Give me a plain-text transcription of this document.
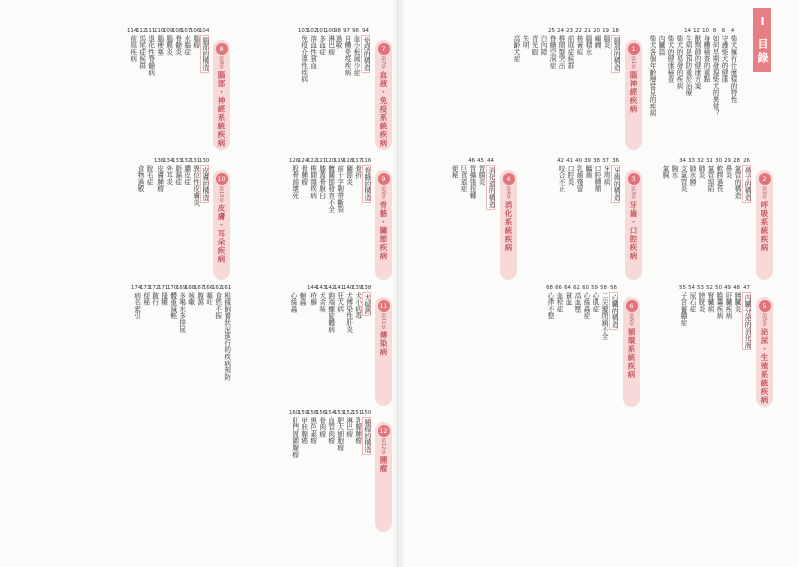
Ⅰ 目錄
4
柴犬擁有什麼樣的特性
6
守護柴犬的健康
8
如何早期發現柴犬的異常？
10
身體檢查的重點
12
獸醫師的健康方案
14
生病是預防重於治療
柴犬的易發的疾病
柴犬的健康檢查
內臟篇
柴犬各個年齡層常見的疾病
1
第1章
腦神經疾病
18
腦部的構造
19
腦炎
20
癲癇
21
腦積水
22
核黃疸
23
前庭症候群
24
椎間盤突出
25
脊髓空洞症
白內障
青光眼
失明
高齡犬症
2
第2章
呼吸系統疾病
26
鼻子的構造
28
氣管的構造
29
鼻炎
30
軟腭過長
31
氣管塌陷
32
肺炎
33
肺水腫
34
支氣管炎
胸水
氣胸
3
第3章
牙齒・口腔疾病
36
牙齒的構造
37
牙周病
38
口腔腫瘤
39
齲齒
40
乳齒殘留
41
口腔炎
42
咬合不正
4
第4章
消化系統疾病
44
消化道的構造
45
胃腸炎
46
胃擴張扭轉
巨食道症
便秘
5
第5章
泌尿・生殖系統疾病
47
內臟分泌的消化液
48
胰臟炎
49
肝臟疾病
50
膽囊疾病
52
腎臟病
53
膀胱炎
54
尿石症
55
子宮蓄膿症
6
第6章
循環系統疾病
56
心臟的構造
58
二尖瓣閉鎖不全
59
心肌症
60
心絲蟲症
62
高血壓
64
貧血
66
血栓症
68
心律不整
7
第7章
血液・免疫系統疾病
94
免疫的構造
96
血小板減少症
97
自體免疫疾病
98
過敏
100
淋巴瘤
101
多血症
102
溶血性貧血
103
免疫介導性疾病
8
第8章
腦部・神經系統疾病
104
腦部的構造
106
腦瘤
107
水腦症
108
脊髓炎
109
腦膜炎
110
腦梗塞
111
退化性脊髓病
112
馬尾症候群
114
前庭疾病
9
第9章
骨骼・關節疾病
116
骨骼的構造
117
骨折
118
關節炎
119
前十字韌帶斷裂
120
髖關節發育不全
121
膝蓋骨脫臼
122
椎間盤疾病
124
骨腫瘤
126
股骨頭壞死
10
第10章
皮膚・耳朵疾病
130
皮膚的構造
131
異位性皮膚炎
132
膿皮症
133
脂漏症
134
外耳炎
136
皮膚腫瘤
脫毛症
食物過敏
11
第11章
傳染病
138
犬瘟熱
139
犬小病毒
140
犬傳染性肝炎
141
狂犬病
142
鉤端螺旋體病
143
犬舍咳
144
疥癬
蛔蟲
心絲蟲
12
第12章
腫瘤
150
腫瘤的構造
151
乳腺腫瘤
152
淋巴瘤
153
肥大細胞瘤
154
血管肉瘤
156
骨肉瘤
158
黑色素瘤
159
甲狀腺癌
160
肛門周圍腺瘤
161
根據飼養狀況進行的疾病預防
162
食慾不振
166
嘔吐
167
腹瀉
168
咳嗽
169
多喝水多排尿
170
體重減輕
171
搔癢
172
跛行
173
便秘
174
病名索引
